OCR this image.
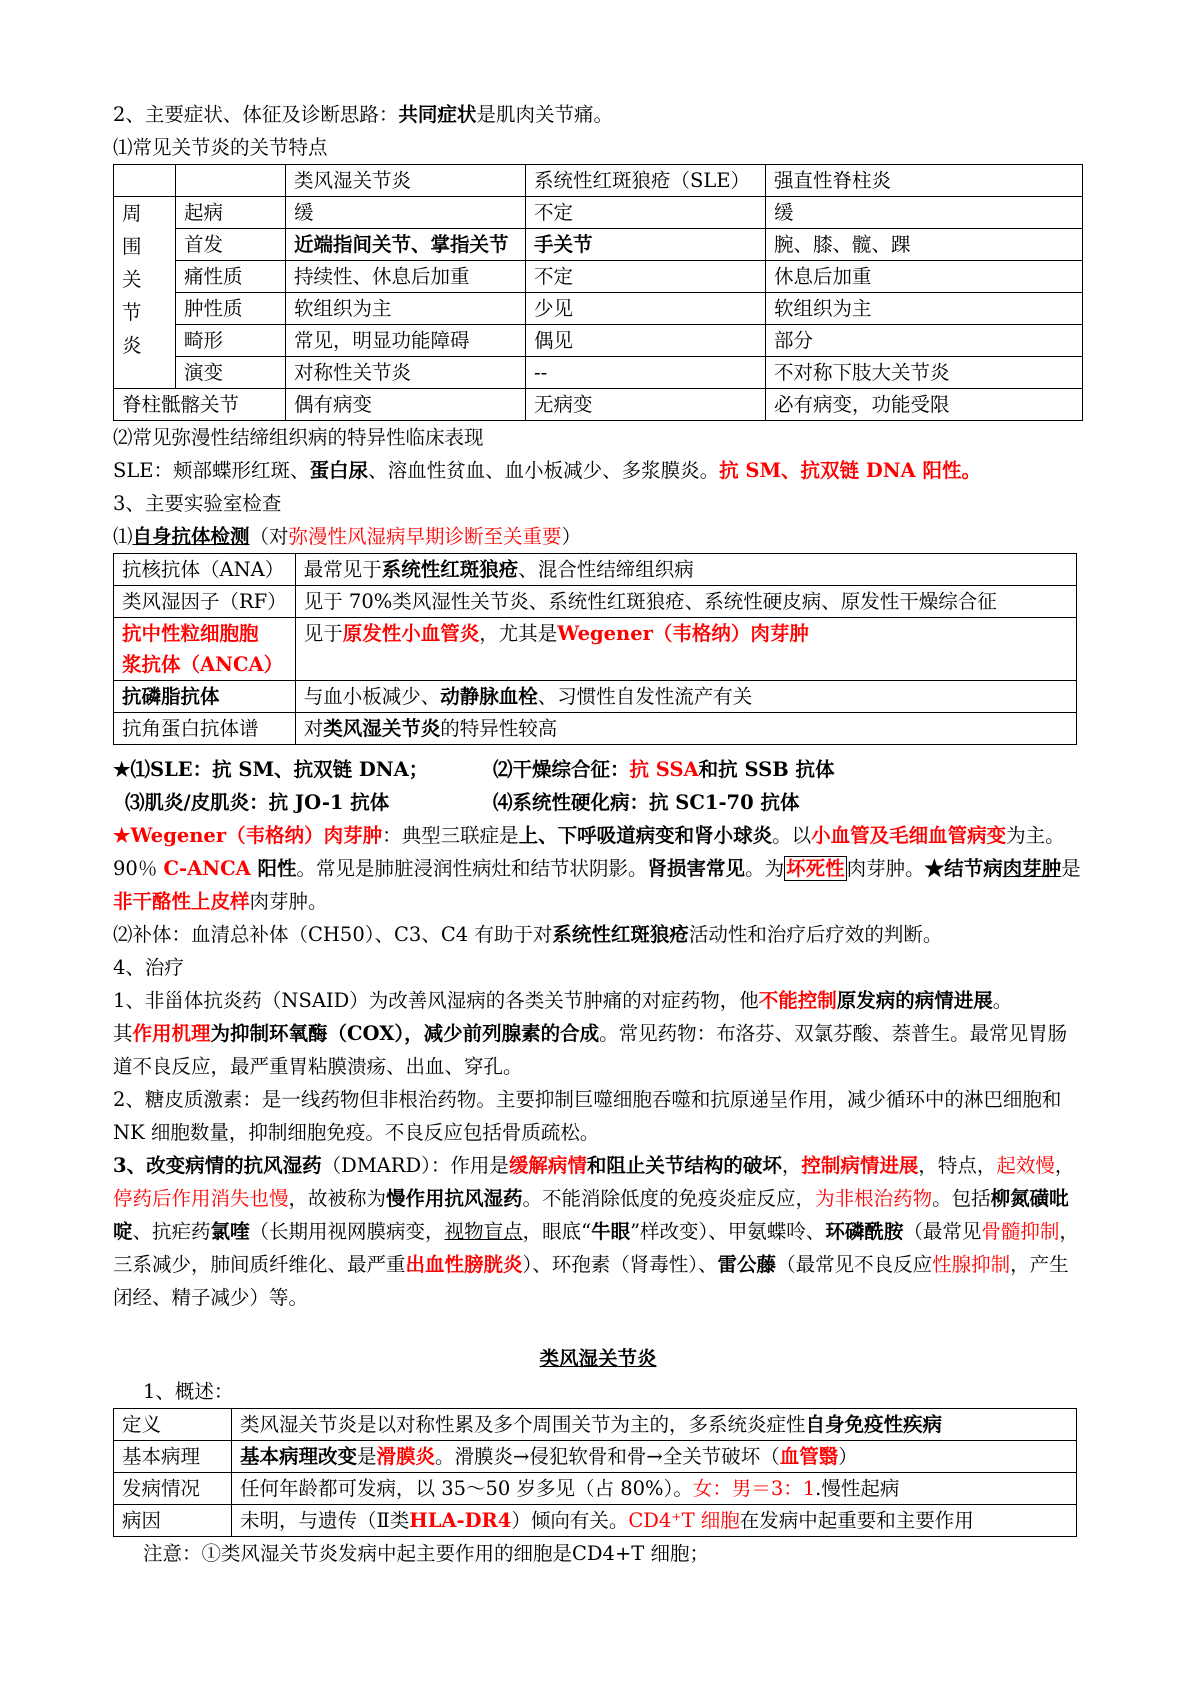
2、主要症状、体征及诊断思路：共同症状是肌肉关节痛。
⑴常见关节炎的关节特点
		类风湿关节炎	系统性红斑狼疮（SLE）	强直性脊柱炎

周
围
关
节
炎	起病	缓	不定	缓
	首发	近端指间关节、掌指关节	手关节	腕、膝、髋、踝
	痛性质	持续性、休息后加重	不定	休息后加重
	肿性质	软组织为主	少见	软组织为主
	畸形	常见，明显功能障碍	偶见	部分
	演变	对称性关节炎	--	不对称下肢大关节炎
脊柱骶髂关节		偶有病变	无病变	必有病变，功能受限
⑵常见弥漫性结缔组织病的特异性临床表现
SLE：颊部蝶形红斑、蛋白尿、溶血性贫血、血小板减少、多浆膜炎。抗 SM、抗双链 DNA 阳性。
3、主要实验室检查
⑴自身抗体检测（对弥漫性风湿病早期诊断至关重要）
抗核抗体（ANA）	最常见于系统性红斑狼疮、混合性结缔组织病
类风湿因子（RF）	见于 70%类风湿性关节炎、系统性红斑狼疮、系统性硬皮病、原发性干燥综合征

抗中性粒细胞胞
浆抗体（ANCA）	见于原发性小血管炎，尤其是Wegener（韦格纳）肉芽肿
抗磷脂抗体	与血小板减少、动静脉血栓、习惯性自发性流产有关
抗角蛋白抗体谱	对类风湿关节炎的特异性较高
★⑴SLE：抗 SM、抗双链 DNA；	⑵干燥综合征：抗 SSA和抗 SSB 抗体
⑶肌炎/皮肌炎：抗 JO-1 抗体	⑷系统性硬化病：抗 SC1-70 抗体
★Wegener（韦格纳）肉芽肿：典型三联症是上、下呼吸道病变和肾小球炎。以小血管及毛细血管病变为主。90％ C-ANCA 阳性。常见是肺脏浸润性病灶和结节状阴影。肾损害常见。为 坏死性 肉芽肿。★结节病肉芽肿是非干酪性上皮样肉芽肿。
⑵补体：血清总补体（CH50）、C3、C4 有助于对系统性红斑狼疮活动性和治疗后疗效的判断。
4、治疗
1、非甾体抗炎药（NSAID）为改善风湿病的各类关节肿痛的对症药物，他不能控制原发病的病情进展。
其作用机理为抑制环氧酶（COX），减少前列腺素的合成。常见药物：布洛芬、双氯芬酸、萘普生。最常见胃肠道不良反应，最严重胃粘膜溃疡、出血、穿孔。
2、糖皮质激素：是一线药物但非根治药物。主要抑制巨噬细胞吞噬和抗原递呈作用，减少循环中的淋巴细胞和 NK 细胞数量，抑制细胞免疫。不良反应包括骨质疏松。
3、改变病情的抗风湿药（DMARD）：作用是缓解病情和阻止关节结构的破坏，控制病情进展，特点，起效慢，停药后作用消失也慢，故被称为慢作用抗风湿药。不能消除低度的免疫炎症反应，为非根治药物。包括柳氮磺吡啶、抗疟药氯喹（长期用视网膜病变，视物盲点，眼底“牛眼”样改变）、甲氨蝶呤、环磷酰胺（最常见骨髓抑制，三系减少，肺间质纤维化、最严重出血性膀胱炎）、环孢素（肾毒性）、雷公藤（最常见不良反应性腺抑制，产生闭经、精子减少）等。
类风湿关节炎
1、概述：
定义	类风湿关节炎是以对称性累及多个周围关节为主的，多系统炎症性自身免疫性疾病
基本病理	基本病理改变是滑膜炎。滑膜炎→侵犯软骨和骨→全关节破坏（血管翳）
发病情况	任何年龄都可发病，以 35～50 岁多见（占 80%）。女：男＝3：1.慢性起病
病因	未明，与遗传（Ⅱ类HLA-DR4）倾向有关。CD4⁺T 细胞在发病中起重要和主要作用
注意：①类风湿关节炎发病中起主要作用的细胞是CD4+T 细胞；
